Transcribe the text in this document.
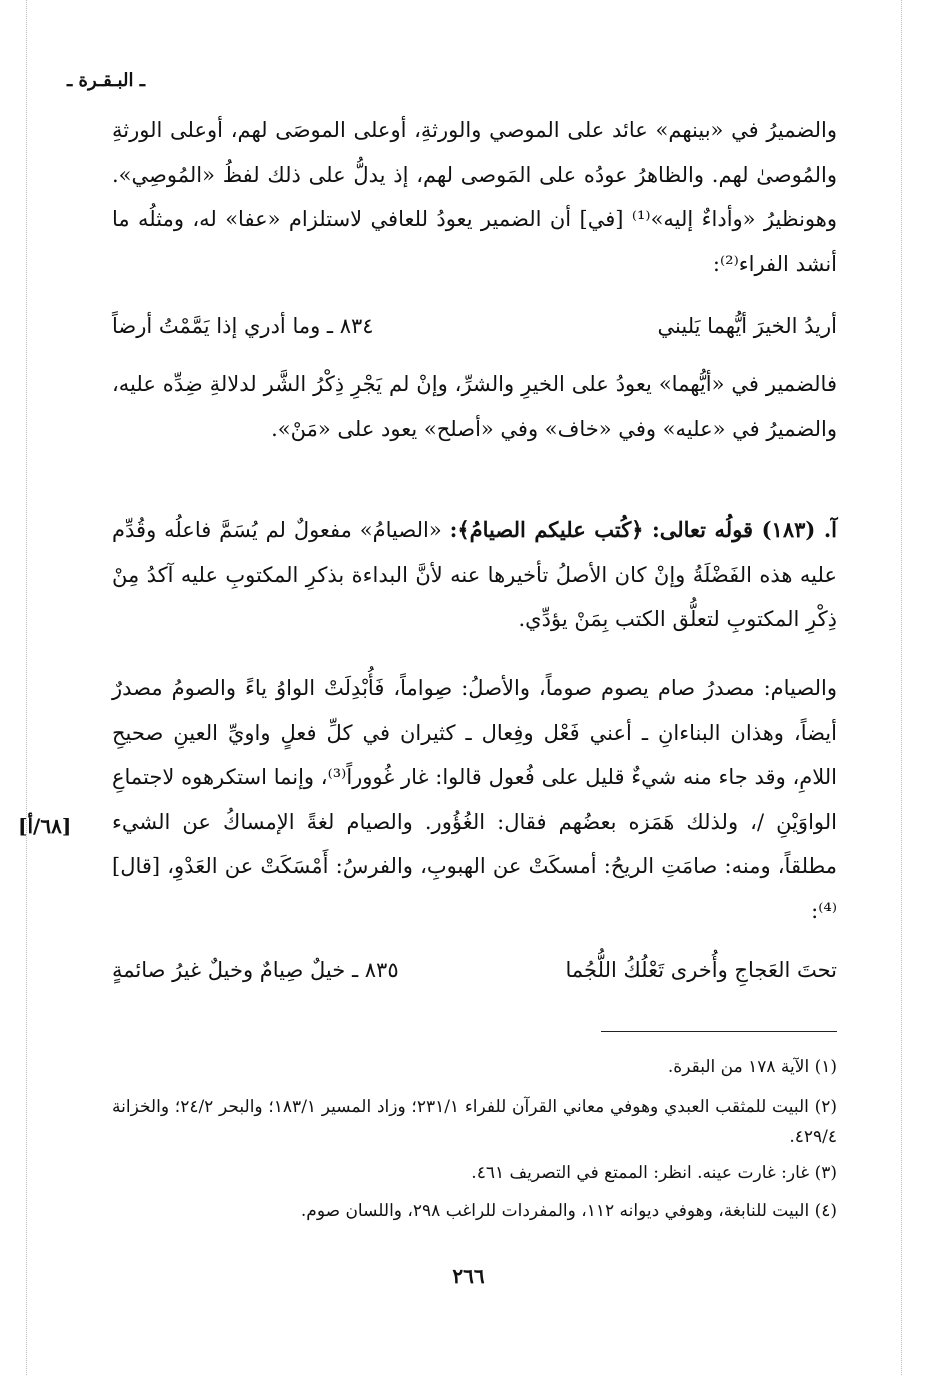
ـ البـقـرة ـ
والضميرُ في «بينهم» عائد على الموصي والورثةِ، أوعلى الموصَى لهم، أوعلى الورثةِ والمُوصىٰ لهم. والظاهرُ عودُه على المَوصى لهم، إذ يدلُّ على ذلك لفظُ «المُوصِي». وهونظيرُ «وأداءٌ إليه»⁽¹⁾ [في] أن الضمير يعودُ للعافي لاستلزام «عفا» له، ومثلُه ما أنشد الفراء⁽²⁾:
٨٣٤ ـ وما أدري إذا يَمَّمْتُ أرضاً	أريدُ الخيرَ أيُّهما يَليني
فالضمير في «أيُّهما» يعودُ على الخيرِ والشرِّ، وإنْ لم يَجْرِ ذِكْرُ الشَّر لدلالةِ ضِدِّه عليه، والضميرُ في «عليه» وفي «خاف» وفي «أصلح» يعود على «مَنْ».
آ. (١٨٣) قولُه تعالى: ﴿كُتب عليكم الصيامُ﴾: «الصيامُ» مفعولٌ لم يُسَمَّ فاعلُه وقُدِّم عليه هذه الفَضْلَةُ وإنْ كان الأصلُ تأخيرها عنه لأنَّ البداءة بذكرِ المكتوبِ عليه آكدُ مِنْ ذِكْرِ المكتوبِ لتعلُّق الكتب بِمَنْ يؤدِّي.
والصيام: مصدرُ صام يصوم صوماً، والأصلُ: صِواماً، فَأُبْدِلَتْ الواوُ ياءً والصومُ مصدرٌ أيضاً، وهذان البناءانِ ـ أعني فَعْل وفِعال ـ كثيران في كلِّ فعلٍ واويِّ العينِ صحيحِ اللامِ، وقد جاء منه شيءٌ قليل على فُعول قالوا: غار غُووراً⁽³⁾، وإنما استكرهوه لاجتماعِ الواوَيْنِ /، ولذلك هَمَزه بعضُهم فقال: الغُؤُور. والصيام لغةً الإمساكُ عن الشيء مطلقاً، ومنه: صامَتِ الريحُ: أمسكَتْ عن الهبوبِ، والفرسُ: أَمْسَكَتْ عن العَدْوِ، [قال]⁽⁴⁾:
[٦٨/أ]
٨٣٥ ـ خيلٌ صِيامٌ وخيلٌ غيرُ صائمةٍ	تحتَ العَجاجِ وأُخرى تَعْلُكُ اللُّجُما
(١) الآية ١٧٨ من البقرة.
(٢) البيت للمثقب العبدي وهوفي معاني القرآن للفراء ٢٣١/١؛ وزاد المسير ١٨٣/١؛ والبحر ٢٤/٢؛ والخزانة ٤٢٩/٤.
(٣) غار: غارت عينه. انظر: الممتع في التصريف ٤٦١.
(٤) البيت للنابغة، وهوفي ديوانه ١١٢، والمفردات للراغب ٢٩٨، واللسان صوم.
٢٦٦
